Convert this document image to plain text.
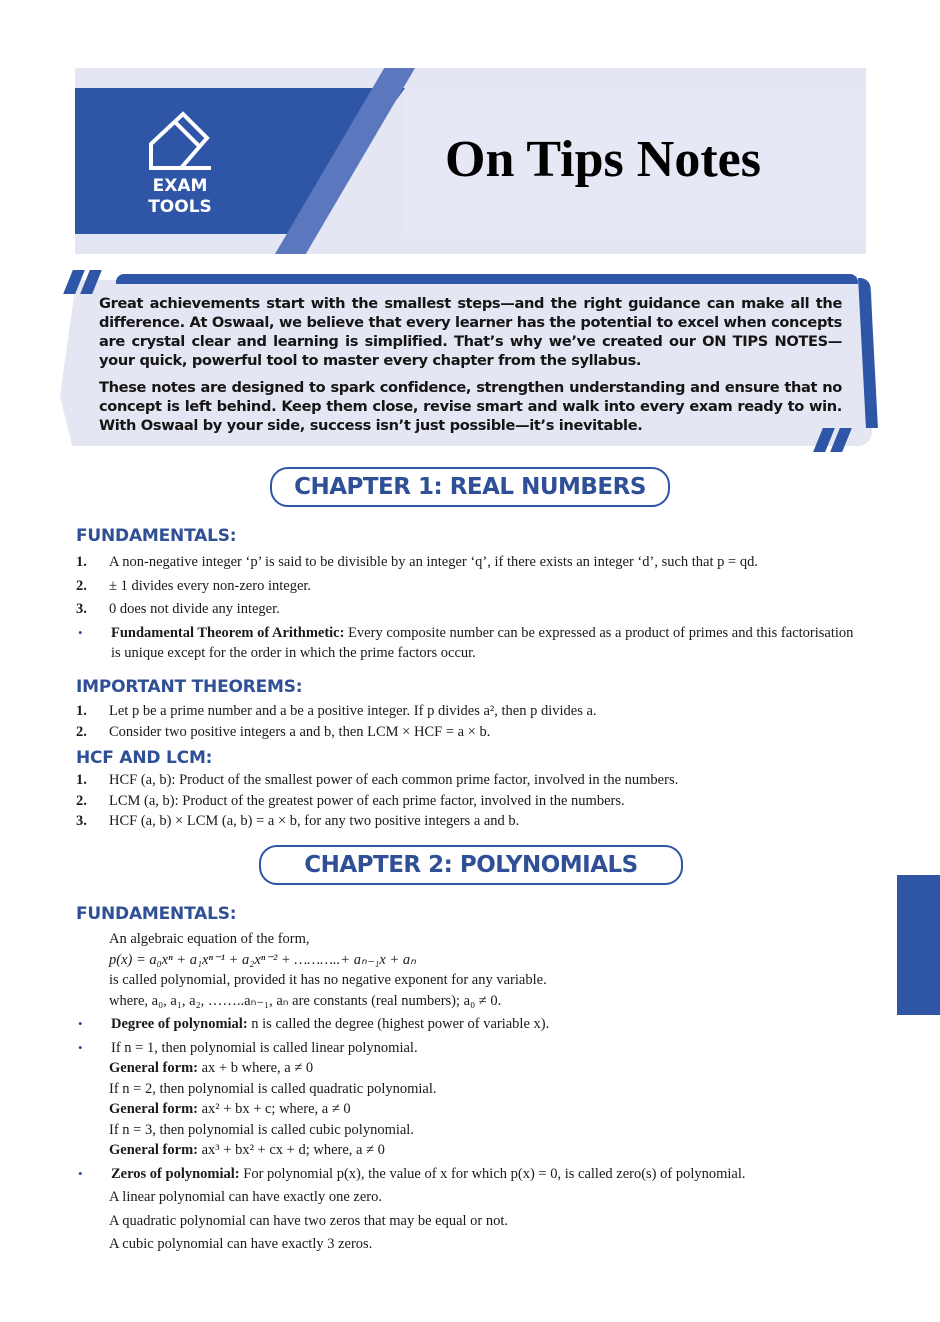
EXAM
TOOLS
On Tips Notes

Great achievements start with the smallest steps—and the right guidance can make all the difference. At Oswaal, we believe that every learner has the potential to excel when concepts are crystal clear and learning is simplified. That’s why we’ve created our ON TIPS NOTES—your quick, powerful tool to master every chapter from the syllabus.

These notes are designed to spark confidence, strengthen understanding and ensure that no concept is left behind. Keep them close, revise smart and walk into every exam ready to win. With Oswaal by your side, success isn’t just possible—it’s inevitable.

CHAPTER 1: REAL NUMBERS
FUNDAMENTALS:
1.	A non-negative integer ‘p’ is said to be divisible by an integer ‘q’, if there exists an integer ‘d’, such that p = qd.
2.	± 1 divides every non-zero integer.
3.	0 does not divide any integer.
•	Fundamental Theorem of Arithmetic: Every composite number can be expressed as a product of primes and this factorisation is unique except for the order in which the prime factors occur.
IMPORTANT THEOREMS:
1.	Let p be a prime number and a be a positive integer. If p divides a², then p divides a.
2.	Consider two positive integers a and b, then LCM × HCF = a × b.
HCF AND LCM:
1.	HCF (a, b): Product of the smallest power of each common prime factor, involved in the numbers.
2.	LCM (a, b): Product of the greatest power of each prime factor, involved in the numbers.
3.	HCF (a, b) × LCM (a, b) = a × b, for any two positive integers a and b.
CHAPTER 2: POLYNOMIALS
FUNDAMENTALS:
An algebraic equation of the form,
p(x) = a₀xⁿ + a₁xⁿ⁻¹ + a₂xⁿ⁻² + ………..+ aₙ₋₁x + aₙ
is called polynomial, provided it has no negative exponent for any variable.
where, a₀, a₁, a₂, ……..aₙ₋₁, aₙ are constants (real numbers); a₀ ≠ 0.
•	Degree of polynomial: n is called the degree (highest power of variable x).
•	If n = 1, then polynomial is called linear polynomial.
General form: ax + b where, a ≠ 0
If n = 2, then polynomial is called quadratic polynomial.
General form: ax² + bx + c; where, a ≠ 0
If n = 3, then polynomial is called cubic polynomial.
General form: ax³ + bx² + cx + d; where, a ≠ 0
•	Zeros of polynomial: For polynomial p(x), the value of x for which p(x) = 0, is called zero(s) of polynomial.
A linear polynomial can have exactly one zero.
A quadratic polynomial can have two zeros that may be equal or not.
A cubic polynomial can have exactly 3 zeros.
